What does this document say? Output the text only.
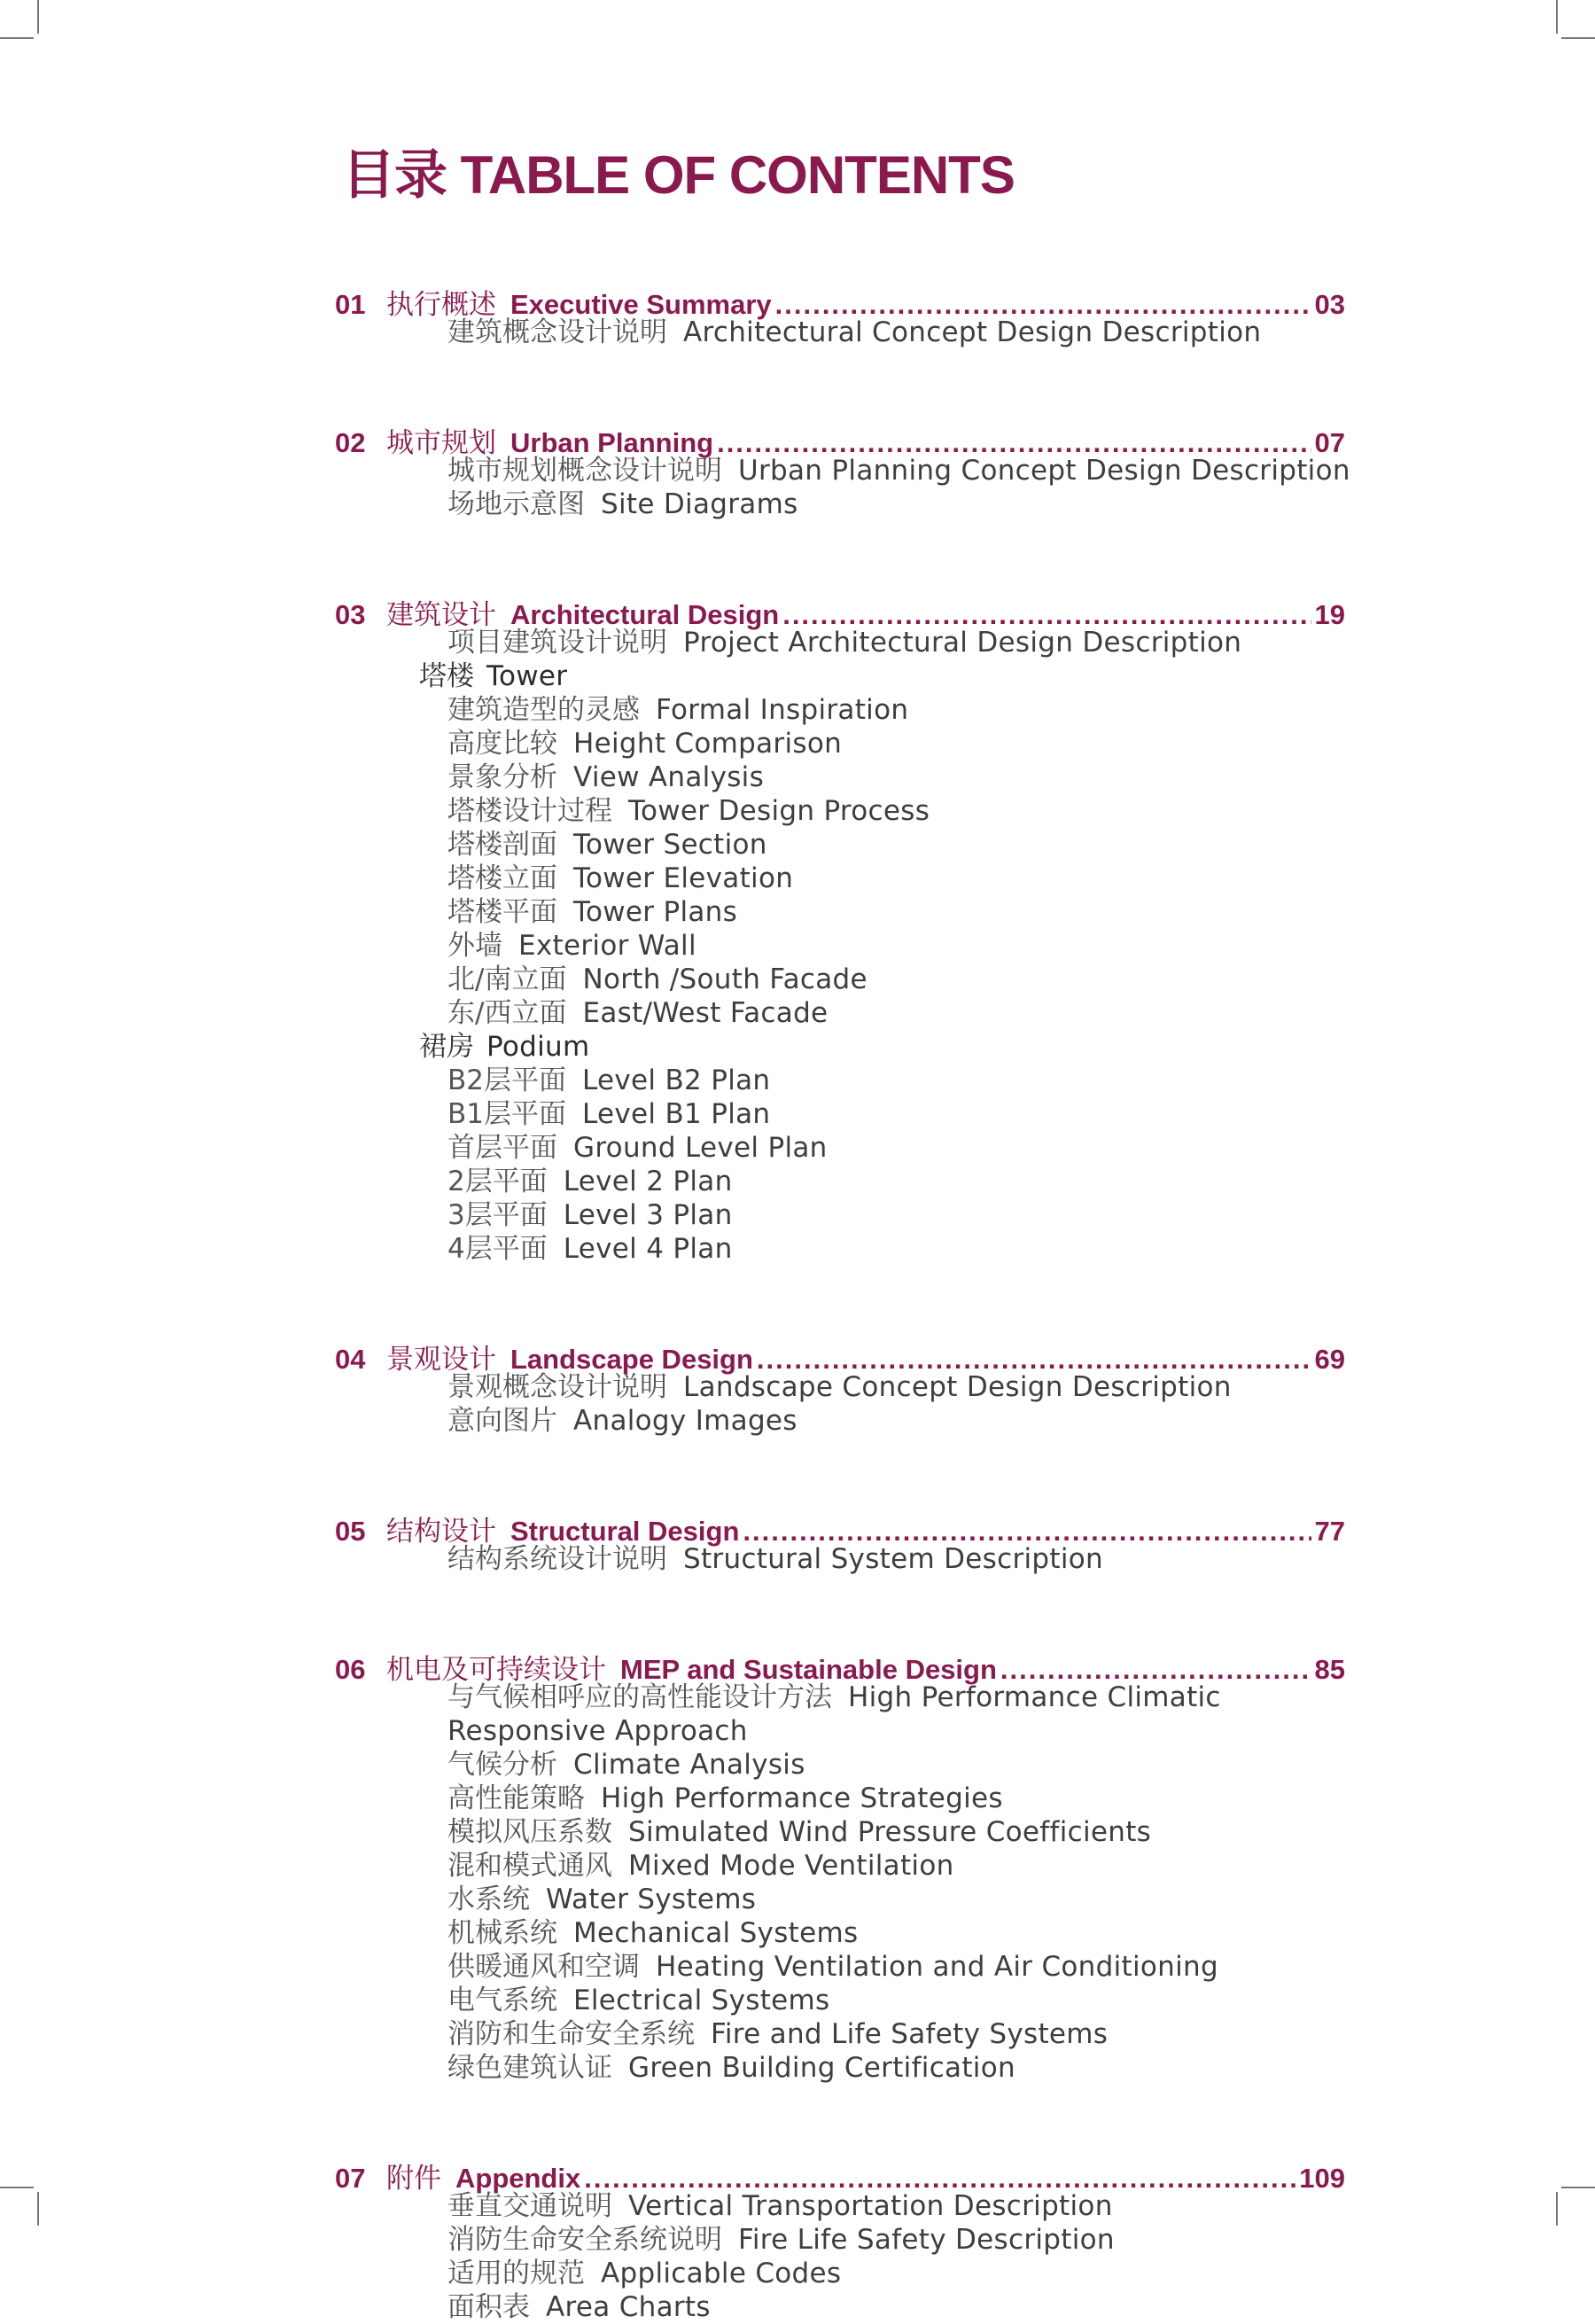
目录 TABLE OF CONTENTS
01 执行概述 Executive Summary .....	03
建筑概念设计说明 Architectural Concept Design Description
02 城市规划 Urban Planning .....	07
城市规划概念设计说明 Urban Planning Concept Design Description
场地示意图 Site Diagrams
03 建筑设计 Architectural Design .....	19
项目建筑设计说明 Project Architectural Design Description
塔楼 Tower
建筑造型的灵感 Formal Inspiration
高度比较 Height Comparison
景象分析 View Analysis
塔楼设计过程 Tower Design Process
塔楼剖面 Tower Section
塔楼立面 Tower Elevation
塔楼平面 Tower Plans
外墙 Exterior Wall
北/南立面 North /South Facade
东/西立面 East/West Facade
裙房 Podium
B2层平面 Level B2 Plan
B1层平面 Level B1 Plan
首层平面 Ground Level Plan
2层平面 Level 2 Plan
3层平面 Level 3 Plan
4层平面 Level 4 Plan
04 景观设计 Landscape Design .....	69
景观概念设计说明 Landscape Concept Design Description
意向图片 Analogy Images
05 结构设计 Structural Design .....	77
结构系统设计说明 Structural System Description
06 机电及可持续设计 MEP and Sustainable Design .....	85
与气候相呼应的高性能设计方法 High Performance Climatic
Responsive Approach
气候分析 Climate Analysis
高性能策略 High Performance Strategies
模拟风压系数 Simulated Wind Pressure Coefficients
混和模式通风 Mixed Mode Ventilation
水系统 Water Systems
机械系统 Mechanical Systems
供暖通风和空调 Heating Ventilation and Air Conditioning
电气系统 Electrical Systems
消防和生命安全系统 Fire and Life Safety Systems
绿色建筑认证 Green Building Certification
07 附件 Appendix .....	109
垂直交通说明 Vertical Transportation Description
消防生命安全系统说明 Fire Life Safety Description
适用的规范 Applicable Codes
面积表 Area Charts
